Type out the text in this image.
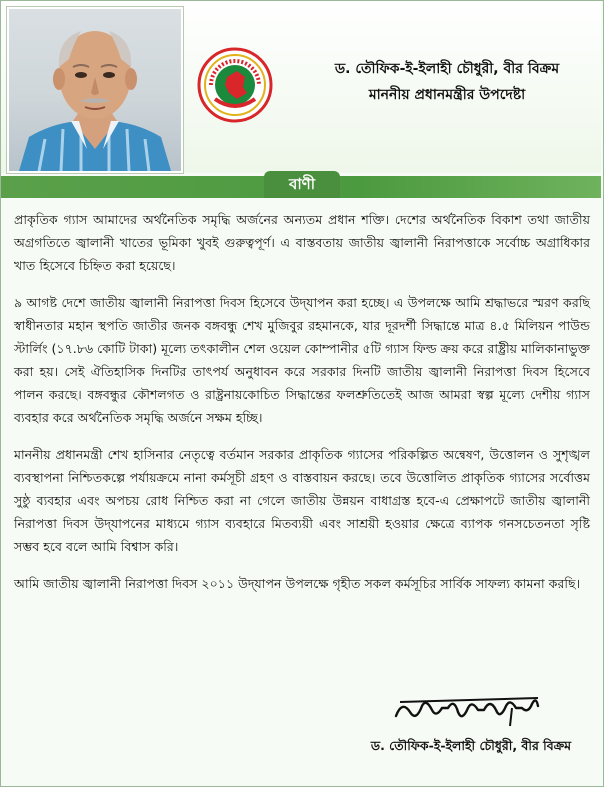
ড. তৌফিক-ই-ইলাহী চৌধুরী, বীর বিক্রম
মাননীয় প্রধানমন্ত্রীর উপদেষ্টা
বাণী

প্রাকৃতিক গ্যাস আমাদের অর্থনৈতিক সমৃদ্ধি অর্জনের অন্যতম প্রধান শক্তি। দেশের অর্থনৈতিক বিকাশ তথা জাতীয় অগ্রগতিতে জ্বালানী খাতের ভূমিকা খুবই গুরুত্বপূর্ণ। এ বাস্তবতায় জাতীয় জ্বালানী নিরাপত্তাকে সর্বোচ্চ অগ্রাধিকার খাত হিসেবে চিহ্নিত করা হয়েছে।

৯ আগষ্ট দেশে জাতীয় জ্বালানী নিরাপত্তা দিবস হিসেবে উদ্‌যাপন করা হচ্ছে। এ উপলক্ষে আমি শ্রদ্ধাভরে স্মরণ করছি স্বাধীনতার মহান স্থপতি জাতীর জনক বঙ্গবন্ধু শেখ মুজিবুর রহমানকে, যার দূরদর্শী সিদ্ধান্তে মাত্র ৪.৫ মিলিয়ন পাউন্ড স্টার্লিং (১৭.৮৬ কোটি টাকা) মূল্যে তৎকালীন শেল ওয়েল কোম্পানীর ৫টি গ্যাস ফিল্ড ক্রয় করে রাষ্ট্রীয় মালিকানাভুক্ত করা হয়। সেই ঐতিহাসিক দিনটির তাৎপর্য অনুধাবন করে সরকার দিনটি জাতীয় জ্বালানী নিরাপত্তা দিবস হিসেবে পালন করছে। বঙ্গবন্ধুর কৌশলগত ও রাষ্ট্রনায়কোচিত সিদ্ধান্তের ফলশ্রুতিতেই আজ আমরা স্বল্প মূল্যে দেশীয় গ্যাস ব্যবহার করে অর্থনৈতিক সমৃদ্ধি অর্জনে সক্ষম হচ্ছি।

মাননীয় প্রধানমন্ত্রী শেখ হাসিনার নেতৃত্বে বর্তমান সরকার প্রাকৃতিক গ্যাসের পরিকল্পিত অন্বেষণ, উত্তোলন ও সুশৃঙ্খল ব্যবস্থাপনা নিশ্চিতকল্পে পর্যায়ক্রমে নানা কর্মসূচী গ্রহণ ও বাস্তবায়ন করছে। তবে উত্তোলিত প্রাকৃতিক গ্যাসের সর্বোত্তম সুষ্ঠু ব্যবহার এবং অপচয় রোধ নিশ্চিত করা না গেলে জাতীয় উন্নয়ন বাধাগ্রস্ত হবে-এ প্রেক্ষাপটে জাতীয় জ্বালানী নিরাপত্তা দিবস উদ্‌যাপনের মাধ্যমে গ্যাস ব্যবহারে মিতব্যয়ী এবং সাশ্রয়ী হওয়ার ক্ষেত্রে ব্যাপক গনসচেতনতা সৃষ্টি সম্ভব হবে বলে আমি বিশ্বাস করি।

আমি জাতীয় জ্বালানী নিরাপত্তা দিবস ২০১১ উদ্‌যাপন উপলক্ষে গৃহীত সকল কর্মসূচির সার্বিক সাফল্য কামনা করছি।

ড. তৌফিক-ই-ইলাহী চৌধুরী, বীর বিক্রম
